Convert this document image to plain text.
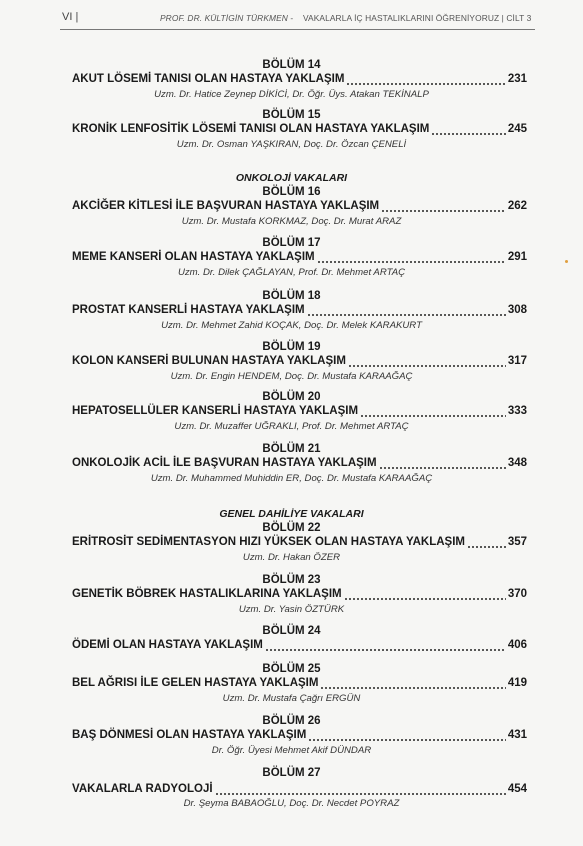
VI |	PROF. DR. KÜLTİGİN TÜRKMEN - VAKALARLA İÇ HASTALIKLARINI ÖĞRENİYORUZ | CİLT 3
ONKOLOJİ VAKALARI
GENEL DAHİLİYE VAKALARI
BÖLÜM 14
AKUT LÖSEMİ TANISI OLAN HASTAYA YAKLAŞIM	231
Uzm. Dr. Hatice Zeynep DİKİCİ, Dr. Öğr. Üys. Atakan TEKİNALP
BÖLÜM 15
KRONİK LENFOSİTİK LÖSEMİ TANISI OLAN HASTAYA YAKLAŞIM	245
Uzm. Dr. Osman YAŞKIRAN, Doç. Dr. Özcan ÇENELİ
BÖLÜM 16
AKCİĞER KİTLESİ İLE BAŞVURAN HASTAYA YAKLAŞIM	262
Uzm. Dr. Mustafa KORKMAZ, Doç. Dr. Murat ARAZ
BÖLÜM 17
MEME KANSERİ OLAN HASTAYA YAKLAŞIM	291
Uzm. Dr. Dilek ÇAĞLAYAN, Prof. Dr. Mehmet ARTAÇ
BÖLÜM 18
PROSTAT KANSERLİ HASTAYA YAKLAŞIM	308
Uzm. Dr. Mehmet Zahid KOÇAK, Doç. Dr. Melek KARAKURT
BÖLÜM 19
KOLON KANSERİ BULUNAN HASTAYA YAKLAŞIM	317
Uzm. Dr. Engin HENDEM, Doç. Dr. Mustafa KARAAĞAÇ
BÖLÜM 20
HEPATOSELLÜLER KANSERLİ HASTAYA YAKLAŞIM	333
Uzm. Dr. Muzaffer UĞRAKLI, Prof. Dr. Mehmet ARTAÇ
BÖLÜM 21
ONKOLOJİK ACİL İLE BAŞVURAN HASTAYA YAKLAŞIM	348
Uzm. Dr. Muhammed Muhiddin ER, Doç. Dr. Mustafa KARAAĞAÇ
BÖLÜM 22
ERİTROSİT SEDİMENTASYON HIZI YÜKSEK OLAN HASTAYA YAKLAŞIM	357
Uzm. Dr. Hakan ÖZER
BÖLÜM 23
GENETİK BÖBREK HASTALIKLARINA YAKLAŞIM	370
Uzm. Dr. Yasin ÖZTÜRK
BÖLÜM 24
ÖDEMİ OLAN HASTAYA YAKLAŞIM	406
BÖLÜM 25
BEL AĞRISI İLE GELEN HASTAYA YAKLAŞIM	419
Uzm. Dr. Mustafa Çağrı ERGÜN
BÖLÜM 26
BAŞ DÖNMESİ OLAN HASTAYA YAKLAŞIM	431
Dr. Öğr. Üyesi Mehmet Akif DÜNDAR
BÖLÜM 27
VAKALARLA RADYOLOJİ	454
Dr. Şeyma BABAOĞLU, Doç. Dr. Necdet POYRAZ
